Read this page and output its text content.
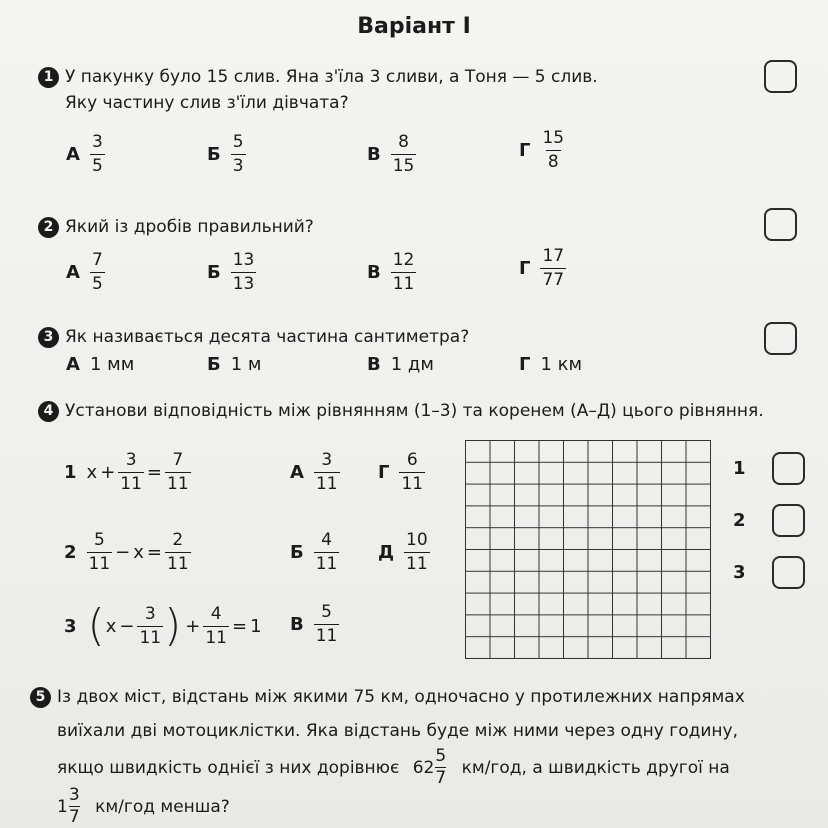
Варіант I
1 У пакунку було 15 слив. Яна з'їла 3 сливи, а Тоня — 5 слив.
Яку частину слив з'їли дівчата?
А $\frac{3}{5}$	Б $\frac{5}{3}$	В $\frac{8}{15}$	Г $\frac{15}{8}$
2 Який із дробів правильний?
А $\frac{7}{5}$	Б $\frac{13}{13}$	В $\frac{12}{11}$	Г $\frac{17}{77}$
3 Як називається десята частина сантиметра?
А 1 мм	Б 1 м	В 1 дм	Г 1 км
4 Установи відповідність між рівнянням (1–3) та коренем (А–Д) цього рівняння.
1 $x + \frac{3}{11} = \frac{7}{11}$
$2 \frac{5}{11} - x = \frac{2}{11}$
3 ( $x - \frac{3}{11}$ ) + $\frac{4}{11} = 1$
А $\frac{3}{11}$
Б $\frac{4}{11}$
В $\frac{5}{11}$
Г $\frac{6}{11}$
Д $\frac{10}{11}$
1
2
3
5 Із двох міст, відстань між якими 75 км, одночасно у протилежних напрямах
виїхали дві мотоциклістки. Яка відстань буде між ними через одну годину,
якщо швидкість однієї з них дорівнює $62 \frac{5}{7} км/год$, а швидкість другої на
$1 \frac{3}{7} км/год$ менша?
